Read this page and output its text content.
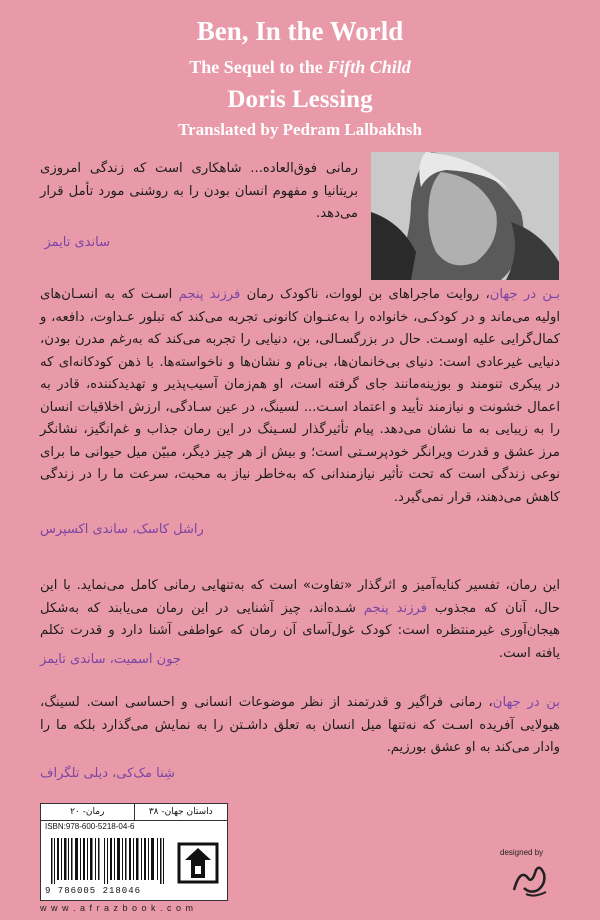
Ben, In the World
The Sequel to the Fifth Child
Doris Lessing
Translated by Pedram Lalbakhsh
رمانی فوق‌العاده... شاهکاری است که زندگی امروزی بریتانیا و مفهوم انسان بودن را به روشنی مورد تأمل قرار می‌دهد.
ساندی تایمز
بـن در جهان، روایت ماجراهای بن لووات، ناکودک رمان فرزند پنجم اسـت که به انسـان‌های اولیه می‌ماند و در کودکـی، خانواده را به‌عنـوان کانونی تجربه می‌کند که تبلور عـداوت، دافعه، و کمال‌گرایی علیه اوسـت. حال در بزرگسـالی، بن، دنیایی را تجربه می‌کند که به‌رغم مدرن بودن، دنیایی غیرعادی است: دنیای بی‌خانمان‌ها، بی‌نام و نشان‌ها و ناخواسته‌ها. با ذهن کودکانه‌ای که در پیکری تنومند و بوزینه‌مانند جای گرفته است، او هم‌زمان آسیب‌پذیر و تهدیدکننده، قادر به اعمال خشونت و نیازمند تأیید و اعتماد اسـت... لسینگ، در عین سـادگی، ارزش اخلاقیات انسان را به زیبایی به ما نشان می‌دهد. پیام تأثیرگذار لسـینگ در این رمان جذاب و غم‌انگیز، نشانگر مرز عشق و قدرت ویرانگر خودپرسـتی است؛ و بیش از هر چیز دیگر، مبیّن میل حیوانی ما برای نوعی زندگی است که تحت تأثیر نیازمندانی که به‌خاطر نیاز به محبت، سرعت ما را در زندگی کاهش می‌دهند، قرار نمی‌گیرد.
راشل کاسک، ساندی اکسپرس
این رمان، تفسیر کنایه‌آمیز و اثرگذار «تفاوت» است که به‌تنهایی رمانی کامل می‌نماید. با این حال، آنان که مجذوب فرزند پنجم شـده‌اند، چیز آشنایی در این رمان می‌یابند که به‌شکل هیجان‌آوری غیرمنتظره است: کودک غول‌آسای آن رمان که عواطفی آشنا دارد و قدرت تکلم یافته است.
جون اسمیت، ساندی تایمز
بن در جهان، رمانی فراگیر و قدرتمند از نظر موضوعات انسانی و احساسی است. لسینگ، هیولایی آفریده اسـت که نه‌تنها میل انسان به تعلق داشـتن را به نمایش می‌گذارد بلکه ما را وادار می‌کند به او عشق بورزیم.
شِنا مک‌کی، دیلی تلگراف
داستان جهان- ۳۸
رمان- ۲۰
ISBN:978-600-5218-04-6
9 786005 218046
w w w . a f r a z b o o k . c o m
designed by
